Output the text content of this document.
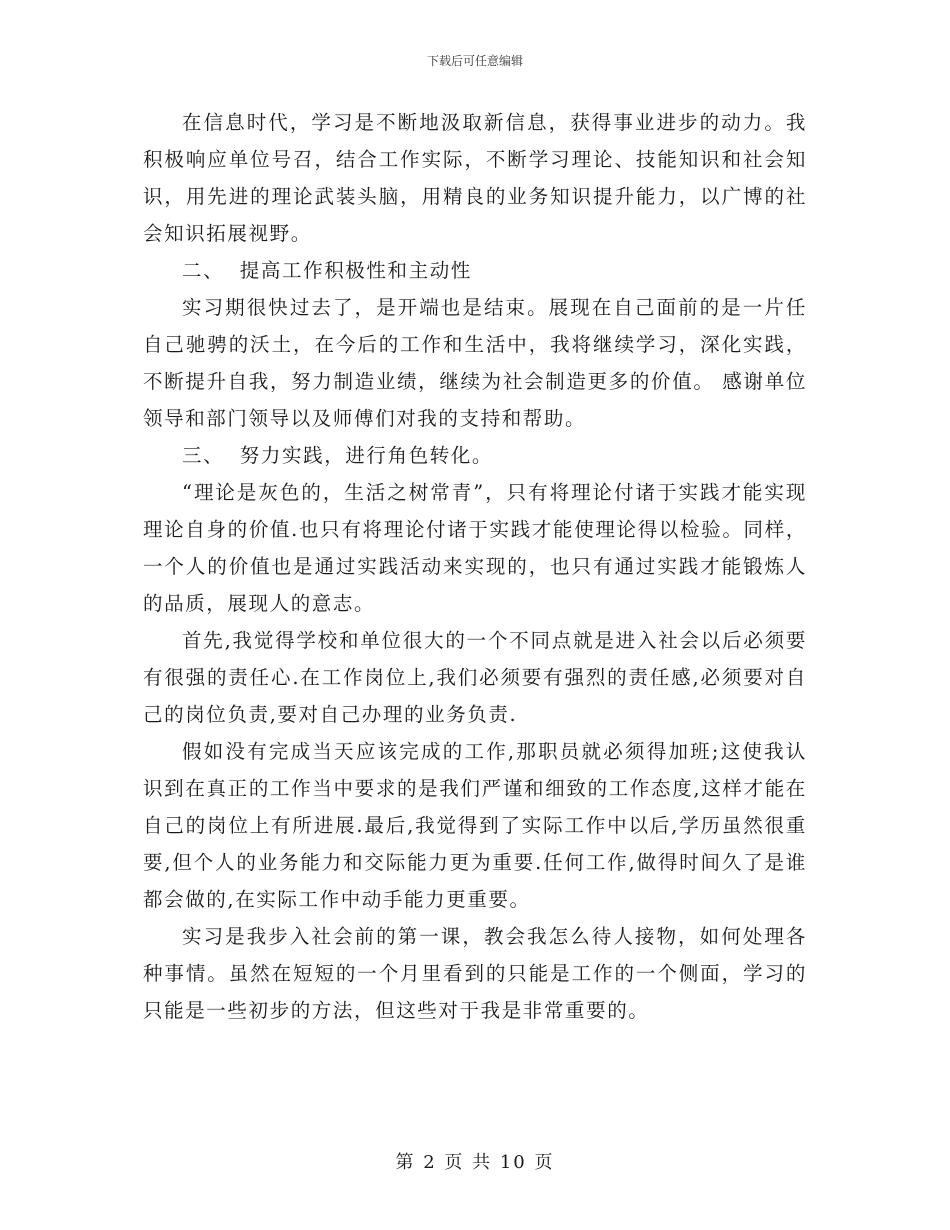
下载后可任意编辑

在信息时代，学习是不断地汲取新信息，获得事业进步的动力。我积极响应单位号召，结合工作实际，不断学习理论、技能知识和社会知识，用先进的理论武装头脑，用精良的业务知识提升能力，以广博的社会知识拓展视野。

二、  提高工作积极性和主动性

实习期很快过去了，是开端也是结束。展现在自己面前的是一片任自己驰骋的沃土，在今后的工作和生活中，我将继续学习，深化实践，不断提升自我，努力制造业绩，继续为社会制造更多的价值。 感谢单位领导和部门领导以及师傅们对我的支持和帮助。

三、  努力实践，进行角色转化。

“理论是灰色的，生活之树常青”，只有将理论付诸于实践才能实现理论自身的价值.也只有将理论付诸于实践才能使理论得以检验。同样，一个人的价值也是通过实践活动来实现的，也只有通过实践才能锻炼人的品质，展现人的意志。

首先,我觉得学校和单位很大的一个不同点就是进入社会以后必须要有很强的责任心.在工作岗位上,我们必须要有强烈的责任感,必须要对自己的岗位负责,要对自己办理的业务负责.

假如没有完成当天应该完成的工作,那职员就必须得加班;这使我认识到在真正的工作当中要求的是我们严谨和细致的工作态度,这样才能在自己的岗位上有所进展.最后,我觉得到了实际工作中以后,学历虽然很重要,但个人的业务能力和交际能力更为重要.任何工作,做得时间久了是谁都会做的,在实际工作中动手能力更重要。

实习是我步入社会前的第一课，教会我怎么待人接物，如何处理各种事情。虽然在短短的一个月里看到的只能是工作的一个侧面，学习的只能是一些初步的方法，但这些对于我是非常重要的。

第 2 页 共 10 页
